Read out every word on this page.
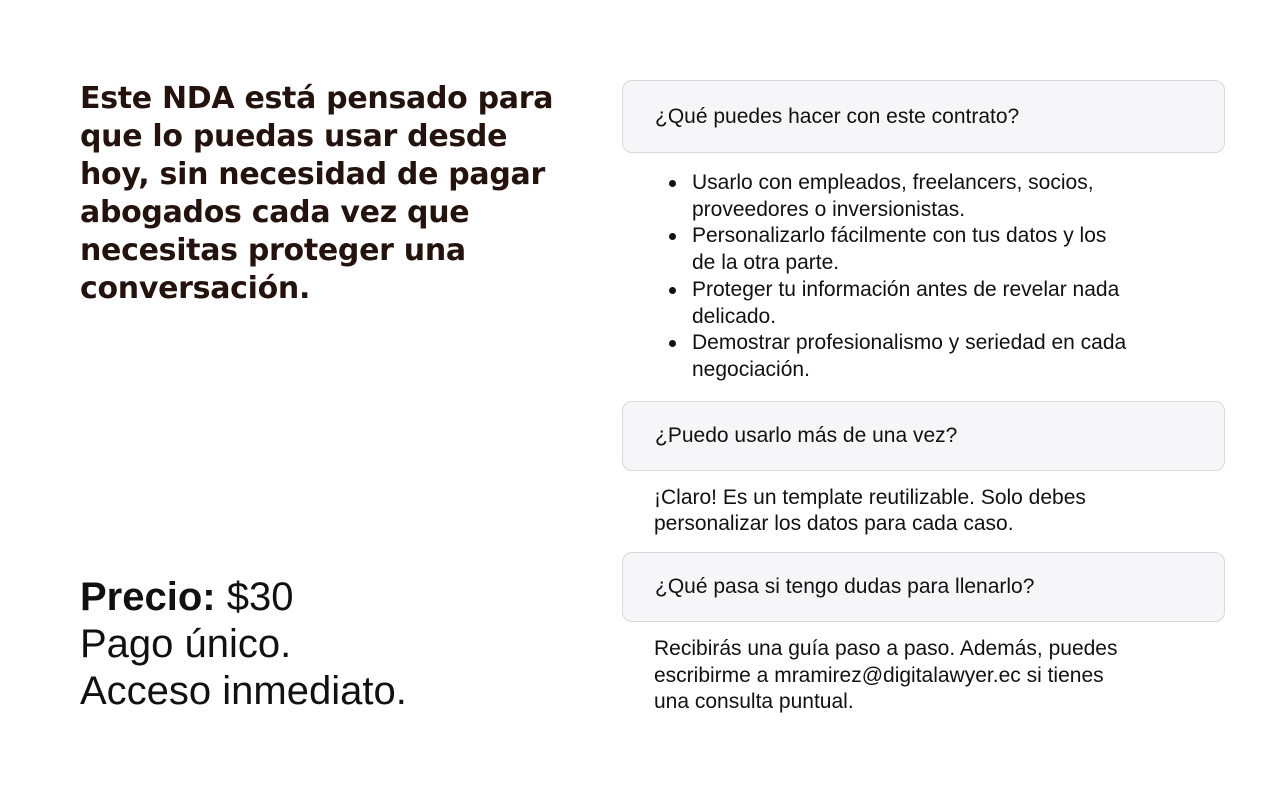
Este NDA está pensado para que lo puedas usar desde hoy, sin necesidad de pagar abogados cada vez que necesitas proteger una conversación.
Precio: $30
Pago único.
Acceso inmediato.
¿Qué puedes hacer con este contrato?
Usarlo con empleados, freelancers, socios, proveedores o inversionistas.
Personalizarlo fácilmente con tus datos y los de la otra parte.
Proteger tu información antes de revelar nada delicado.
Demostrar profesionalismo y seriedad en cada negociación.
¿Puedo usarlo más de una vez?

¡Claro! Es un template reutilizable. Solo debes personalizar los datos para cada caso.

¿Qué pasa si tengo dudas para llenarlo?

Recibirás una guía paso a paso. Además, puedes escribirme a mramirez@digitalawyer.ec si tienes una consulta puntual.
